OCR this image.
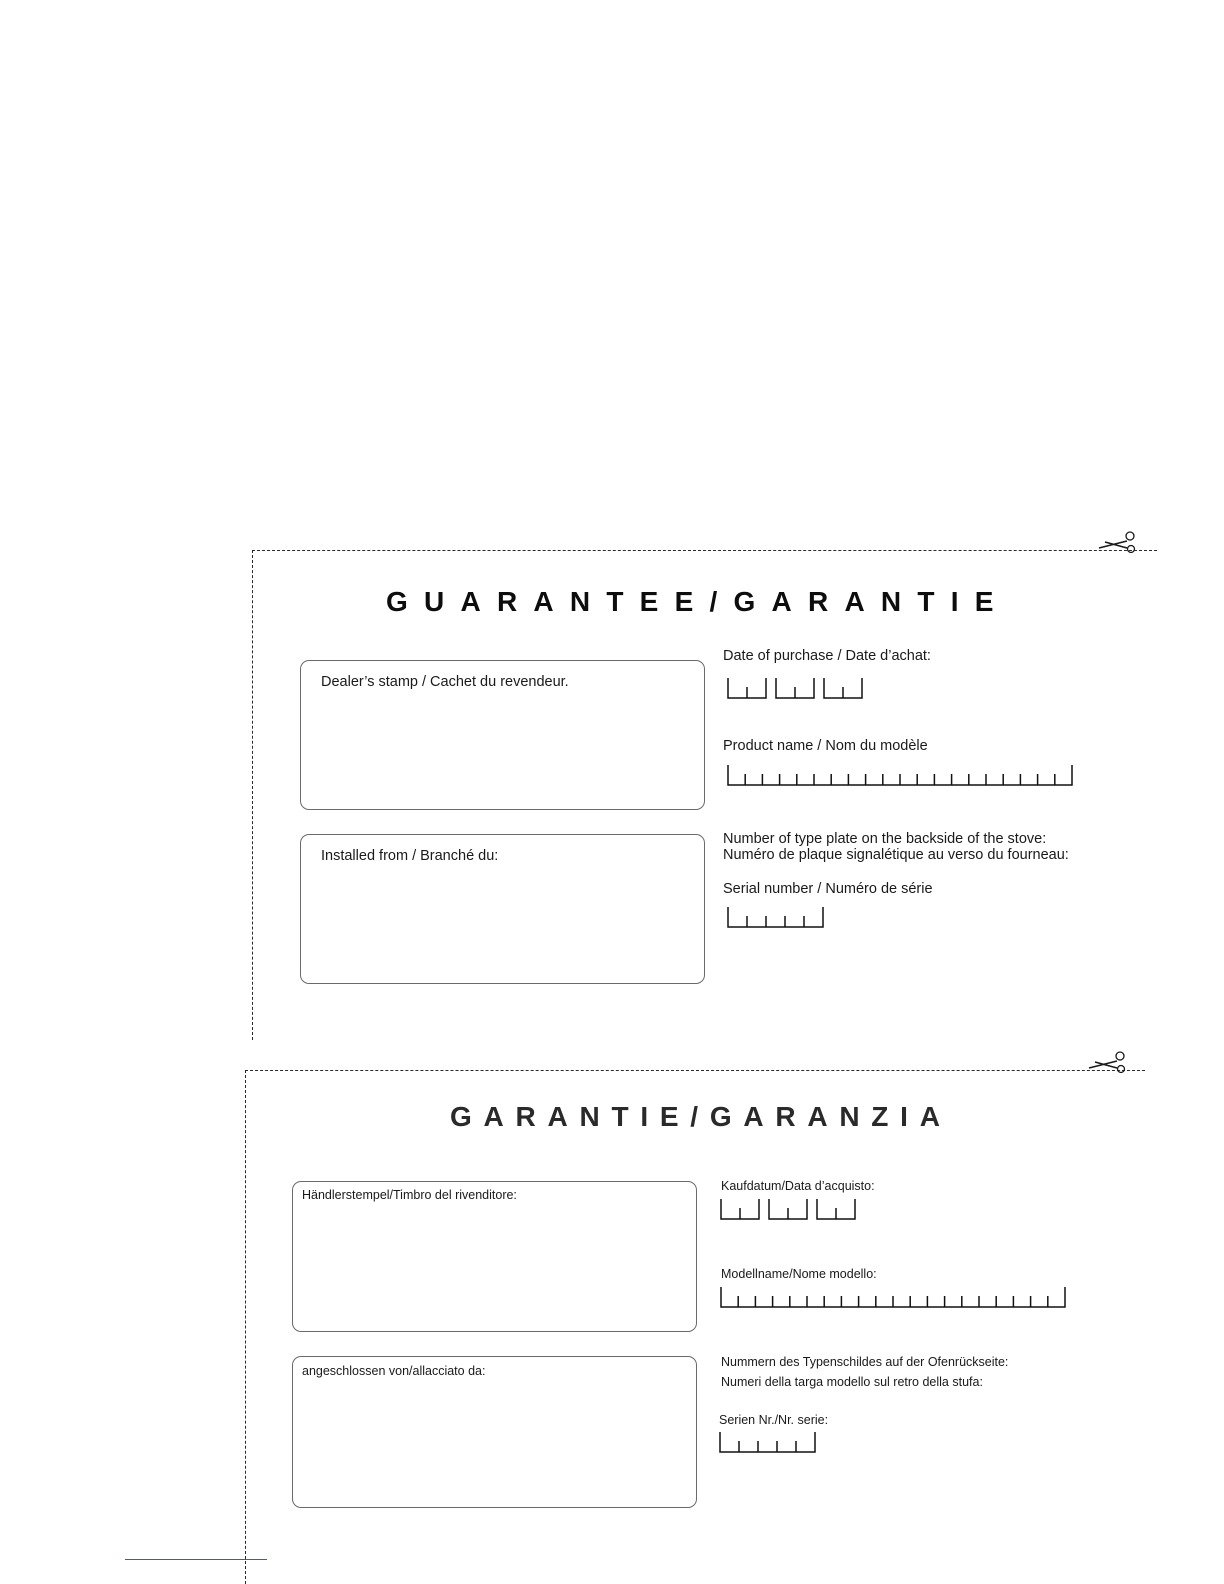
GUARANTEE/GARANTIE
Dealer’s stamp / Cachet du revendeur.
Installed from / Branché du:
Date of purchase / Date d’achat:
Product name / Nom du modèle
Number of type plate on the backside of the stove:
Numéro de plaque signalétique au verso du fourneau:
Serial number / Numéro de série
GARANTIE/GARANZIA
Händlerstempel/Timbro del rivenditore:
angeschlossen von/allacciato da:
Kaufdatum/Data d’acquisto:
Modellname/Nome modello:
Nummern des Typenschildes auf der Ofenrückseite:
Numeri della targa modello sul retro della stufa:
Serien Nr./Nr. serie:
